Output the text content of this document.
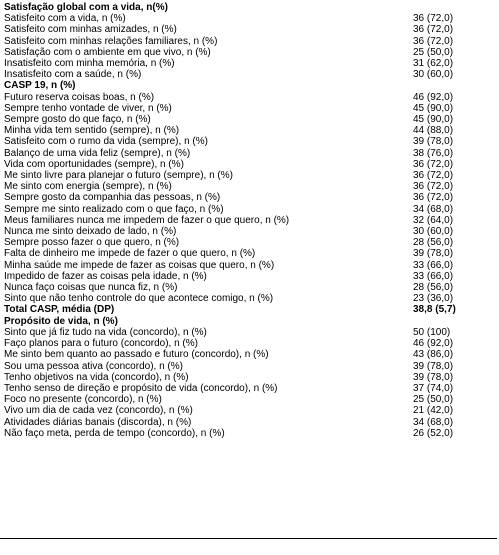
Satisfação global com a vida, n(%)	
Satisfeito com a vida, n (%)	36 (72,0)
Satisfeito com minhas amizades, n (%)	36 (72,0)
Satisfeito com minhas relações familiares, n (%)	36 (72,0)
Satisfação com o ambiente em que vivo, n (%)	25 (50,0)
Insatisfeito com minha memória, n (%)	31 (62,0)
Insatisfeito com a saúde, n (%)	30 (60,0)
CASP 19, n (%)	
Futuro reserva coisas boas, n (%)	46 (92,0)
Sempre tenho vontade de viver, n (%)	45 (90,0)
Sempre gosto do que faço, n (%)	45 (90,0)
Minha vida tem sentido (sempre), n (%)	44 (88,0)
Satisfeito com o rumo da vida (sempre), n (%)	39 (78,0)
Balanço de uma vida feliz (sempre), n (%)	38 (76,0)
Vida com oportunidades (sempre), n (%)	36 (72,0)
Me sinto livre para planejar o futuro (sempre), n (%)	36 (72,0)
Me sinto com energia (sempre), n (%)	36 (72,0)
Sempre gosto da companhia das pessoas, n (%)	36 (72,0)
Sempre me sinto realizado com o que faço, n (%)	34 (68,0)
Meus familiares nunca me impedem de fazer o que quero, n (%)	32 (64,0)
Nunca me sinto deixado de lado, n (%)	30 (60,0)
Sempre posso fazer o que quero, n (%)	28 (56,0)
Falta de dinheiro me impede de fazer o que quero, n (%)	39 (78,0)
Minha saúde me impede de fazer as coisas que quero, n (%)	33 (66,0)
Impedido de fazer as coisas pela idade, n (%)	33 (66,0)
Nunca faço coisas que nunca fiz, n (%)	28 (56,0)
Sinto que não tenho controle do que acontece comigo, n (%)	23 (36,0)
Total CASP, média (DP)	38,8 (5,7)
Propósito de vida, n (%)	
Sinto que já fiz tudo na vida (concordo), n (%)	50 (100)
Faço planos para o futuro (concordo), n (%)	46 (92,0)
Me sinto bem quanto ao passado e futuro (concordo), n (%)	43 (86,0)
Sou uma pessoa ativa (concordo), n (%)	39 (78,0)
Tenho objetivos na vida (concordo), n (%)	39 (78,0)
Tenho senso de direção e propósito de vida (concordo), n (%)	37 (74,0)
Foco no presente (concordo), n (%)	25 (50,0)
Vivo um dia de cada vez (concordo), n (%)	21 (42,0)
Atividades diárias banais (discorda), n (%)	34 (68,0)
Não faço meta, perda de tempo (concordo), n (%)	26 (52,0)
